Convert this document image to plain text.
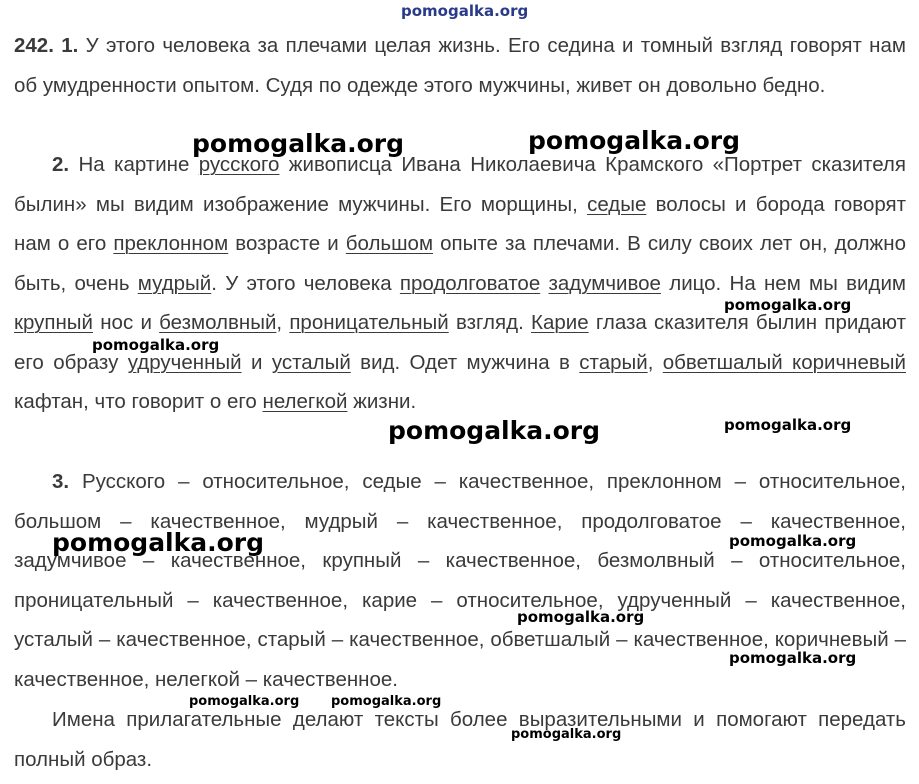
pomogalka.org

242. 1. У этого человека за плечами целая жизнь. Его седина и томный взгляд говорят нам об умудренности опытом. Судя по одежде этого мужчины, живет он довольно бедно.

2. На картине русского живописца Ивана Николаевича Крамского «Портрет сказителя былин» мы видим изображение мужчины. Его морщины, седые волосы и борода говорят нам о его преклонном возрасте и большом опыте за плечами. В силу своих лет он, должно быть, очень мудрый. У этого человека продолговатое задумчивое лицо. На нем мы видим крупный нос и безмолвный, проницательный взгляд. Карие глаза сказителя былин придают его образу удрученный и усталый вид. Одет мужчина в старый, обветшалый коричневый кафтан, что говорит о его нелегкой жизни.

3. Русского – относительное, седые – качественное, преклонном – относительное, большом – качественное, мудрый – качественное, продолговатое – качественное, задумчивое – качественное, крупный – качественное, безмолвный – относительное, проницательный – качественное, карие – относительное, удрученный – качественное, усталый – качественное, старый – качественное, обветшалый – качественное, коричневый – качественное, нелегкой – качественное.

Имена прилагательные делают тексты более выразительными и помогают передать полный образ.

pomogalka.org	pomogalka.org
pomogalka.org
pomogalka.org
pomogalka.org	pomogalka.org
pomogalka.org	pomogalka.org
pomogalka.org
pomogalka.org
pomogalka.org pomogalka.org
pomogalka.org
